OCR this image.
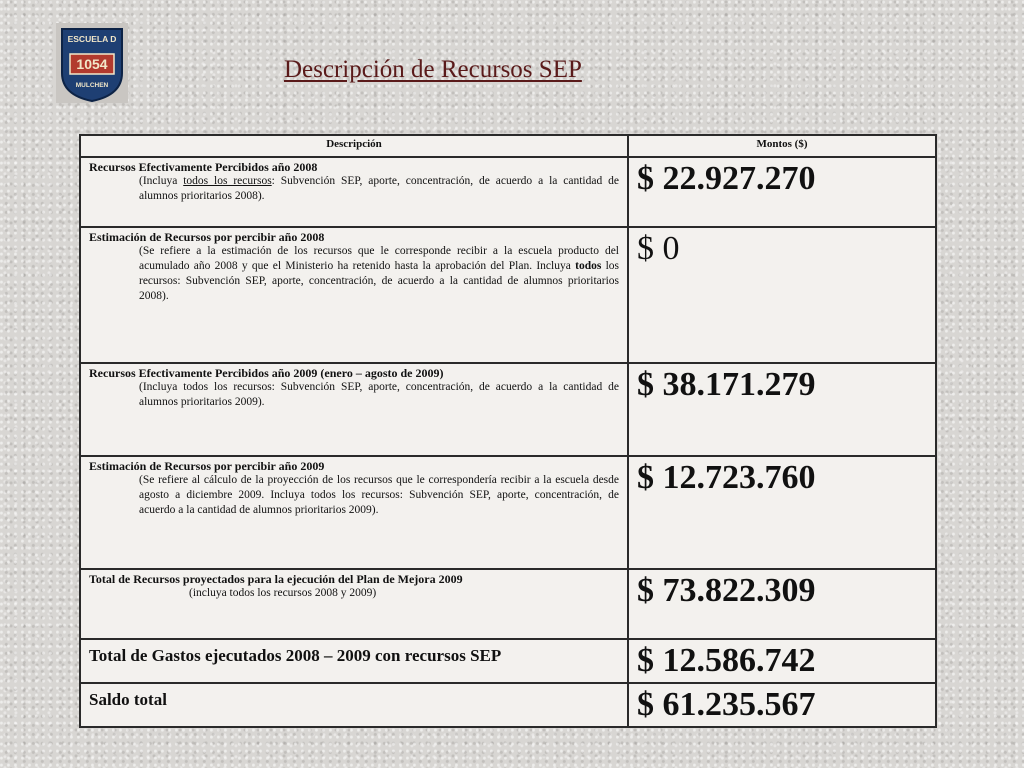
ESCUELA D
1054
MULCHEN
Descripción de Recursos SEP
Descripción	Montos ($)

Recursos Efectivamente Percibidos año 2008
(Incluya todos los recursos: Subvención SEP, aporte, concentración, de acuerdo a la cantidad de alumnos prioritarios 2008).	$ 22.927.270

Estimación de Recursos por percibir año 2008
(Se refiere a la estimación de los recursos que le corresponde recibir a la escuela producto del acumulado año 2008 y que el Ministerio ha retenido hasta la aprobación del Plan. Incluya todos los recursos: Subvención SEP, aporte, concentración, de acuerdo a la cantidad de alumnos prioritarios 2008).	$ 0

Recursos Efectivamente Percibidos año 2009 (enero – agosto de 2009)
(Incluya todos los recursos: Subvención SEP, aporte, concentración, de acuerdo a la cantidad de alumnos prioritarios 2009).	$ 38.171.279

Estimación de Recursos por percibir año 2009
(Se refiere al cálculo de la proyección de los recursos que le correspondería recibir a la escuela desde agosto a diciembre 2009. Incluya todos los recursos: Subvención SEP, aporte, concentración, de acuerdo a la cantidad de alumnos prioritarios 2009).	$ 12.723.760

Total de Recursos proyectados para la ejecución del Plan de Mejora 2009
(incluya todos los recursos 2008 y 2009)	$ 73.822.309

Total de Gastos ejecutados 2008 – 2009 con recursos SEP	$ 12.586.742

Saldo total	$ 61.235.567
